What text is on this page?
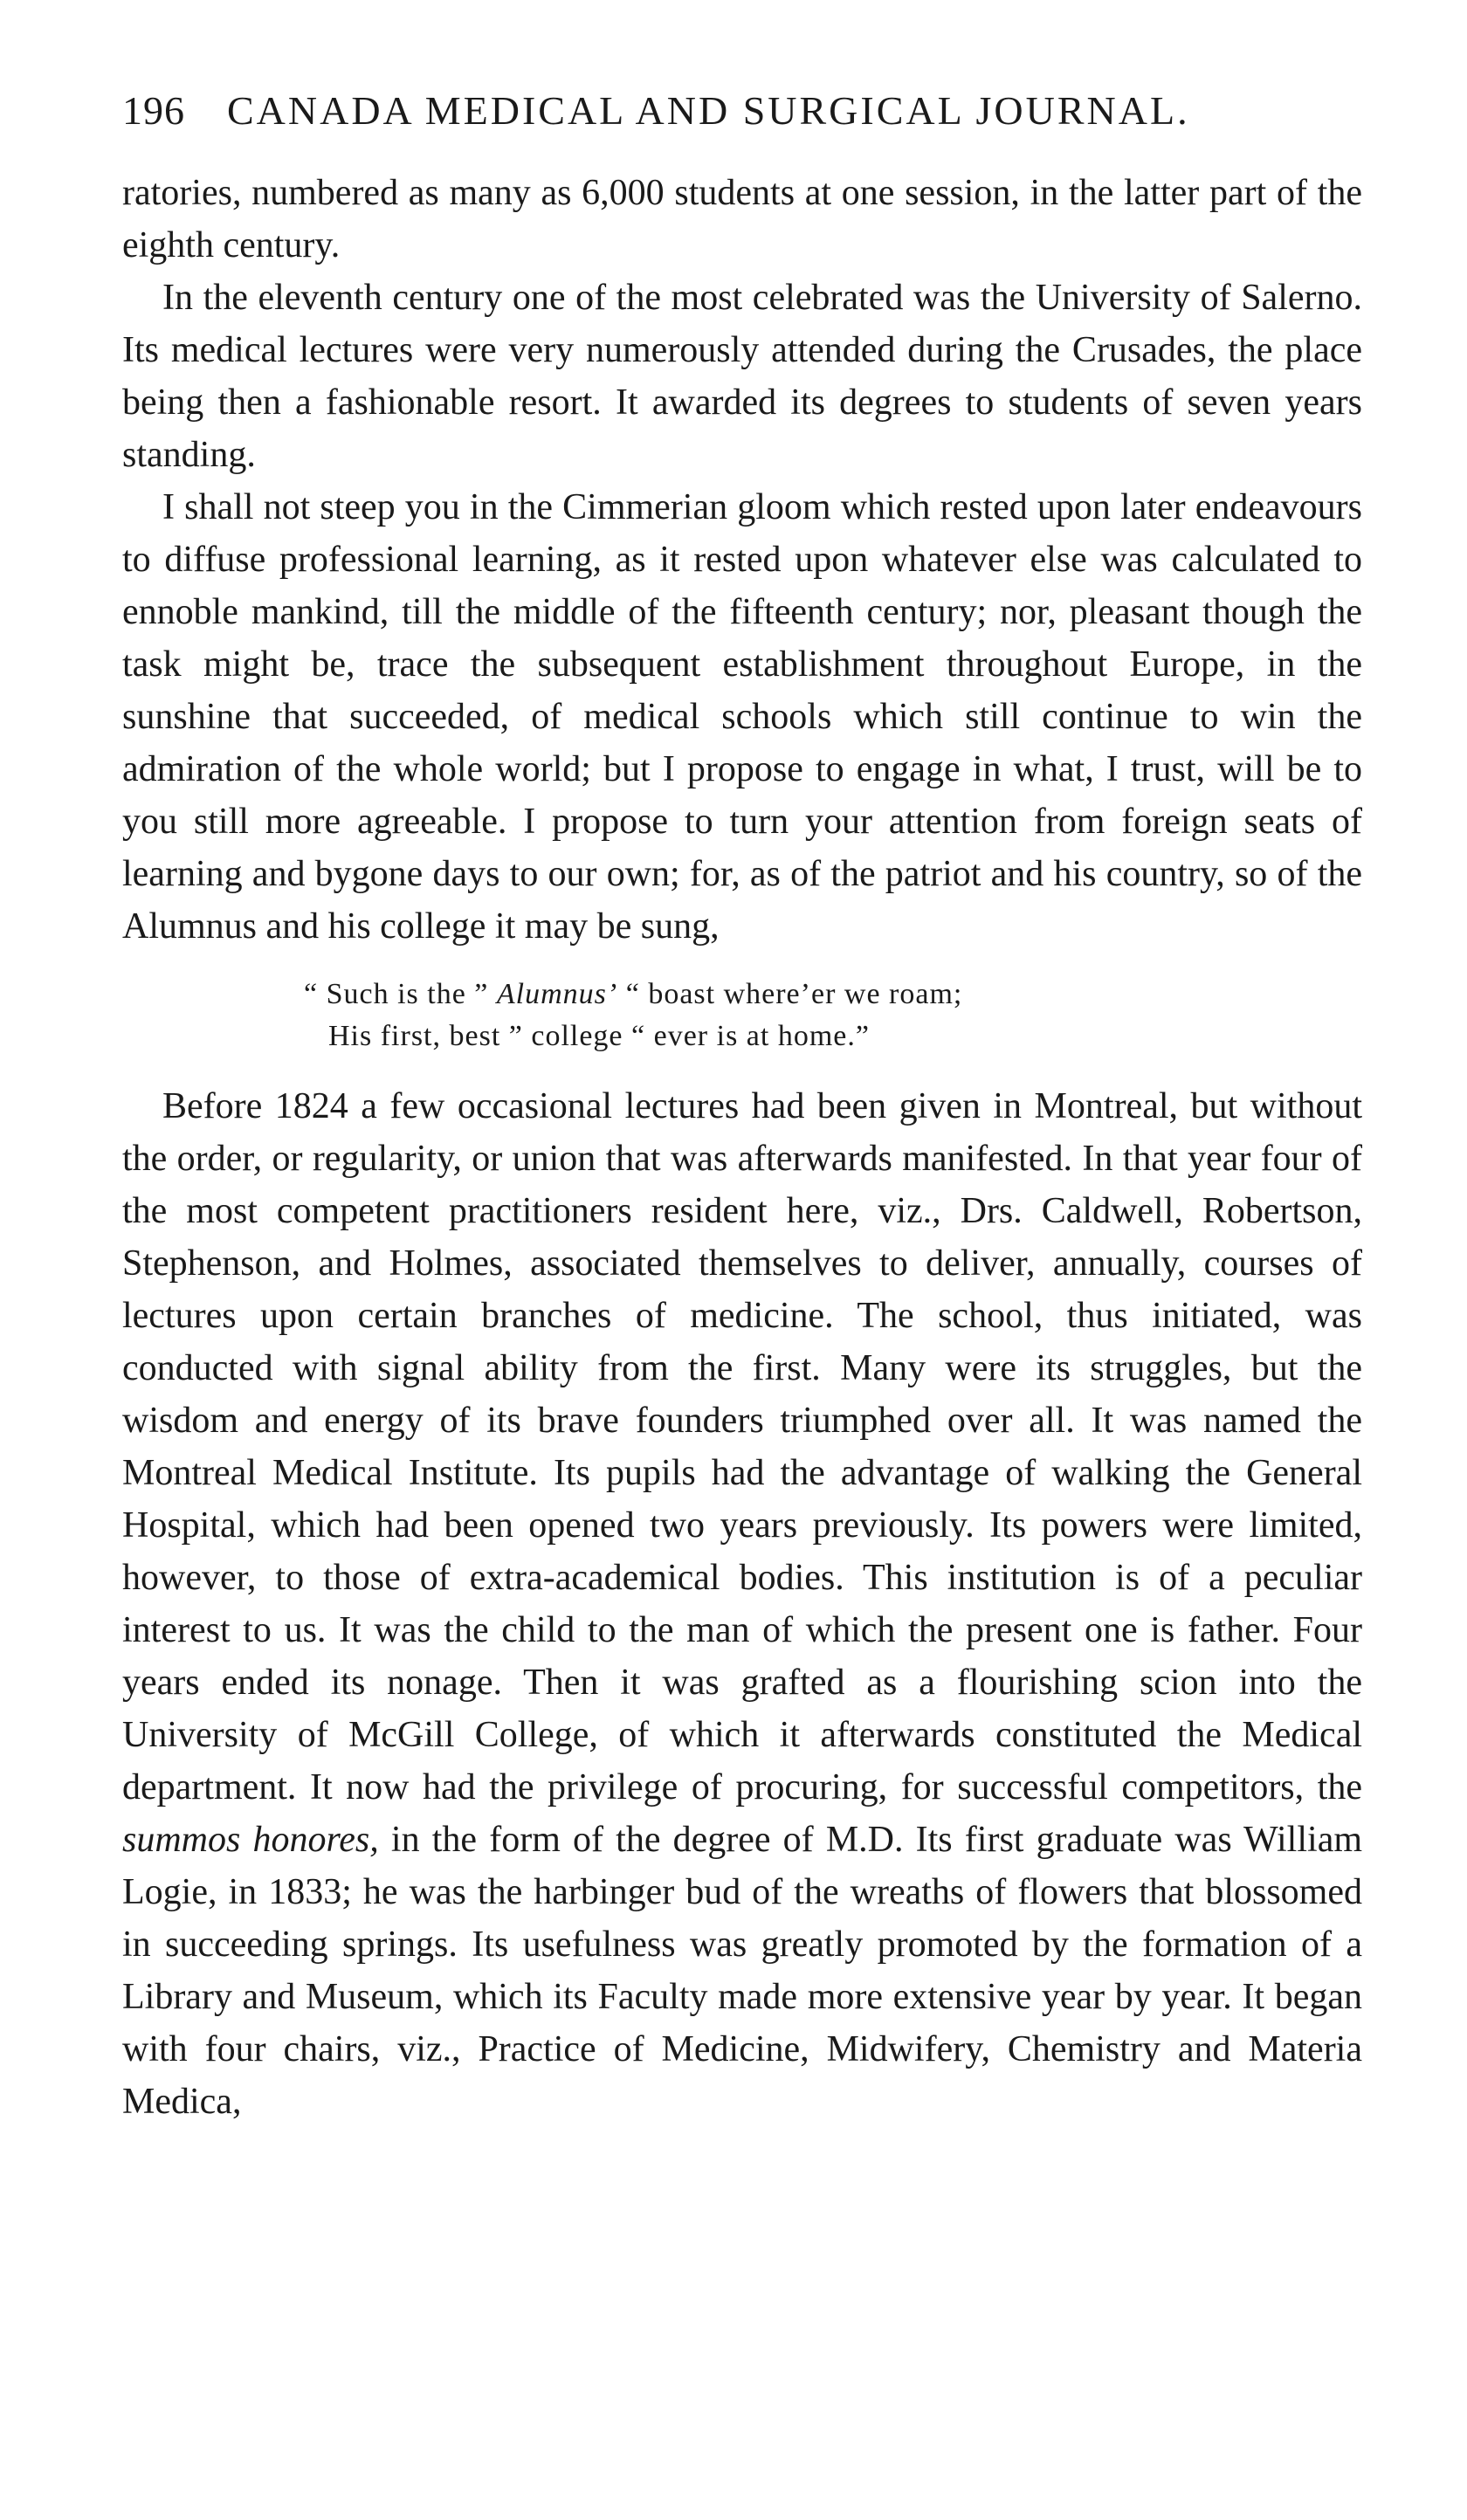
196 CANADA MEDICAL AND SURGICAL JOURNAL.

ratories, numbered as many as 6,000 students at one session, in the latter part of the eighth century.

In the eleventh century one of the most celebrated was the University of Salerno. Its medical lectures were very numerously attended during the Crusades, the place being then a fashionable resort. It awarded its degrees to students of seven years standing.

I shall not steep you in the Cimmerian gloom which rested upon later endeavours to diffuse professional learning, as it rested upon whatever else was calculated to ennoble mankind, till the middle of the fifteenth century; nor, pleasant though the task might be, trace the subsequent establishment throughout Europe, in the sunshine that succeeded, of medical schools which still continue to win the admiration of the whole world; but I propose to engage in what, I trust, will be to you still more agreeable. I propose to turn your attention from foreign seats of learning and bygone days to our own; for, as of the patriot and his country, so of the Alumnus and his college it may be sung,

“ Such is the ” Alumnus’ “ boast where’er we roam;
His first, best ” college “ ever is at home.”

Before 1824 a few occasional lectures had been given in Montreal, but without the order, or regularity, or union that was afterwards manifested. In that year four of the most competent practitioners resident here, viz., Drs. Caldwell, Robertson, Stephenson, and Holmes, associated themselves to deliver, annually, courses of lectures upon certain branches of medicine. The school, thus initiated, was conducted with signal ability from the first. Many were its struggles, but the wisdom and energy of its brave founders triumphed over all. It was named the Montreal Medical Institute. Its pupils had the advantage of walking the General Hospital, which had been opened two years previously. Its powers were limited, however, to those of extra-academical bodies. This institution is of a peculiar interest to us. It was the child to the man of which the present one is father. Four years ended its nonage. Then it was grafted as a flourishing scion into the University of McGill College, of which it afterwards constituted the Medical department. It now had the privilege of procuring, for successful competitors, the summos honores, in the form of the degree of M.D. Its first graduate was William Logie, in 1833; he was the harbinger bud of the wreaths of flowers that blossomed in succeeding springs. Its usefulness was greatly promoted by the formation of a Library and Museum, which its Faculty made more extensive year by year. It began with four chairs, viz., Practice of Medicine, Midwifery, Chemistry and Materia Medica,
